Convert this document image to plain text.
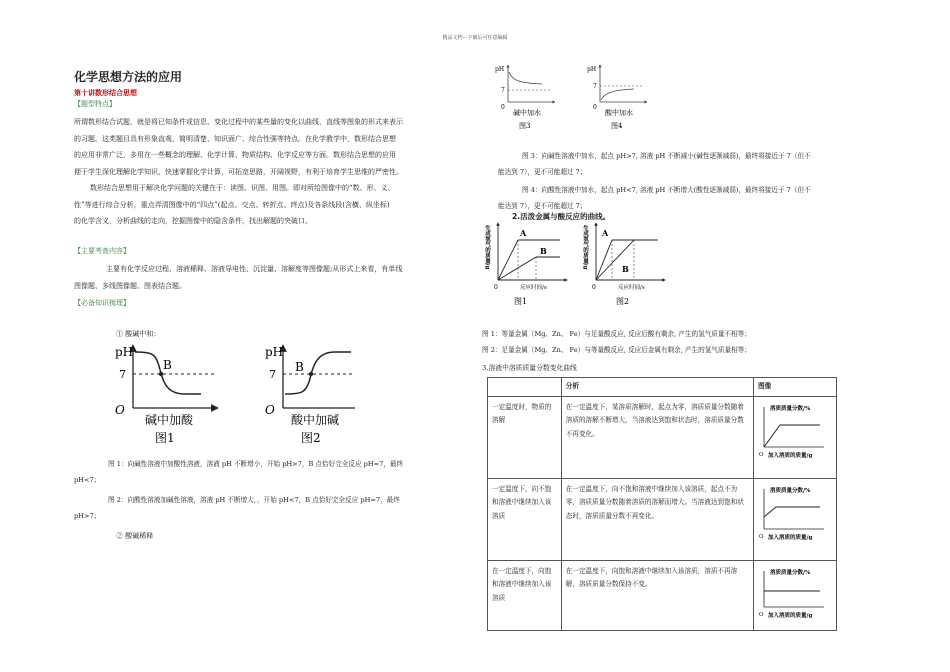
精品文档---下载后可任意编辑
化学思想方法的应用
第十讲数形结合思想
【题型特点】
所谓数形结合试题，就是将已知条件或信息、变化过程中的某些量的变化以曲线、直线等图象的形式来表示
的习题。这类题目具有形象直观、简明清楚、知识面广、综合性强等特点。在化学教学中，数形结合思想
的应用非常广泛，多用在一些概念的理解、化学计算、物质结构、化学反应等方面。数形结合思想的应用
便于学生深化理解化学知识，快速掌握化学计算，可拓宽思路，开阔视野，有利于培育学生思维的严密性。
数形结合思想用于解决化学问题的关键在于：读图、识图、用图。即对所给图像中的“数、形、义、
性”等进行综合分析，重点弄清图像中的“四点”(起点、交点、转折点、终点)及各条线段(含横、纵坐标)
的化学含义，分析曲线的走向，挖掘图像中的隐含条件，找出解题的突破口。
【主要考查内容】
主要有化学反应过程、溶液稀释、溶液导电性、沉淀量、溶解度等图像题;从形式上来看，有单线
图像题、多线图像题、图表结合题。
【必备知识梳理】
① 酸碱中和：
pH
7
O
B
碱中加酸
图1
pH
7
O
B
酸中加碱
图2
图 1：向碱性溶液中加酸性溶液，溶液 pH 不断增小，开始 pH>7，B 点恰好完全反应 pH=7，最终
pH<7；
图 2：向酸性溶液加碱性溶液，溶液 pH 不断增大，，开始 pH<7，B 点恰好完全反应 pH=7，最终
pH>7；
② 酸碱稀释
pH
7
0
碱中加水
图3
pH
7
0
酸中加水
图4
图 3：向碱性溶液中加水，起点 pH>7, 溶液 pH 不断减小(碱性逐渐减弱)，最终将接近于 7（但不
能达到 7），更不可能超过 7；
图 4：向酸性溶液中加水，起点 pH<7, 溶液 pH 不断增大(酸性逐渐减弱)，最终将接近于 7（但不
能达到 7），更不可能超过 7；
2.活泼金属与酸反应的曲线。
A
B
生成氢气的质量/g
0	反应时间/s
图1
A
B
生成氢气的质量/g
0	反应时间/s
图2
图 1：等量金属（Mg、Zn、 Fe）与足量酸反应, 反应后酸有剩余, 产生的氢气质量不相等；
图 2：足量金属（Mg、Zn、 Fe）与等量酸反应, 反应后金属有剩余, 产生的氢气质量相等；
3.溶液中溶质质量分数变化曲线
	分析	图像
一定温度时，物质的溶解	在一定温度下，某溶质溶解时，起点为零，溶质质量分数随着溶质的溶解不断增大，当溶液达到饱和状态时，溶质质量分数不再变化。	溶质质量分数/%
O 加入溶质的质量/g

一定温度下，向不饱和溶液中继续加入该溶质	在一定温度下，向不饱和溶液中继续加入该溶质，起点不为零，溶质质量分数随着溶质的溶解而增大。当溶液达到饱和状态时，溶质质量分数不再变化。	溶质质量分数/%
O 加入溶质的质量/g

在一定温度下，向饱和溶液中继续加入该溶质	在一定温度下，向饱和溶液中继续加入该溶质，溶质不再溶解，溶质质量分数保持不变。	溶质质量分数/%
O 加入溶质的质量/g
